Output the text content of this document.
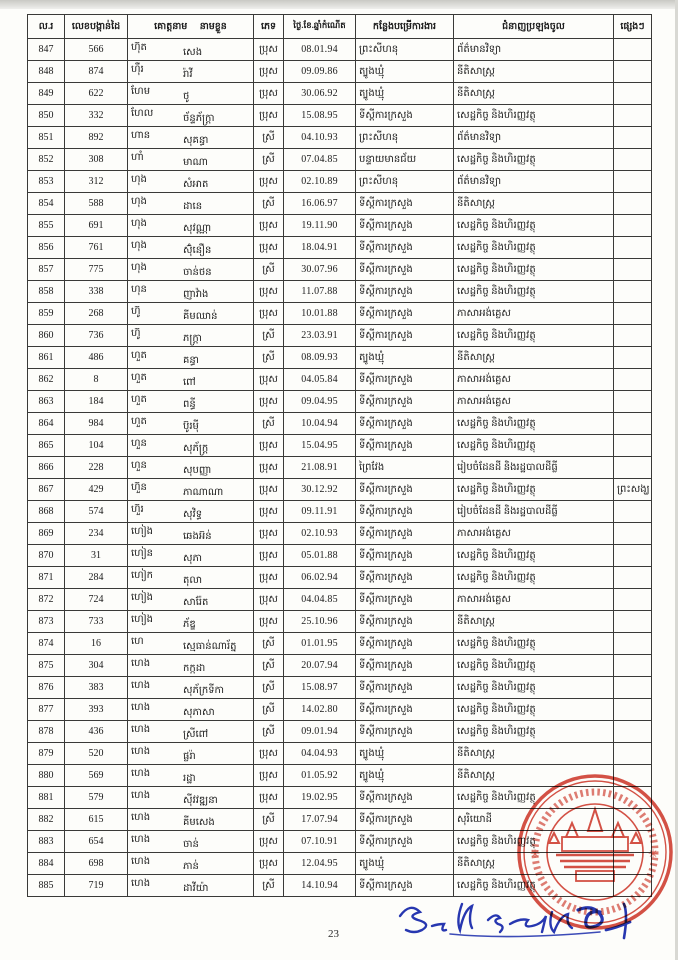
ល.រ	លេខបង្កាន់ដៃ	គោត្តនាម នាមខ្លួន	ភេទ	ថ្ងៃ.ខែ.ឆ្នាំកំណើត	កន្លែងបម្រើការងារ	ជំនាញប្រឡងចូល	ផ្សេងៗ
847	566	ហ៊ុត សេង	ប្រុស	08.01.94	ព្រះសីហនុ	ព័ត៌មានវិទ្យា	
848	874	ហ៊ឺរ រ៉ាវី	ប្រុស	09.09.86	ត្បូងឃ្មុំ	នីតិសាស្ត្រ	
849	622	ហែម ថូ	ប្រុស	30.06.92	ត្បូងឃ្មុំ	នីតិសាស្ត្រ	
850	332	ហែល ច័ន្ទភ័ក្រ្តា	ប្រុស	15.08.95	ទីស្តីការក្រសួង	សេដ្ឋកិច្ច និងហិរញ្ញវត្ថុ	
851	892	ហាន សុគន្ធា	ស្រី	04.10.93	ព្រះសីហនុ	ព័ត៌មានវិទ្យា	
852	308	ហាំ មាណា	ស្រី	07.04.85	បន្ទាយមានជ័យ	សេដ្ឋកិច្ច និងហិរញ្ញវត្ថុ	
853	312	ហុង សំអាត	ប្រុស	02.10.89	ព្រះសីហនុ	ព័ត៌មានវិទ្យា	
854	588	ហុង ដានេ	ស្រី	16.06.97	ទីស្តីការក្រសួង	នីតិសាស្ត្រ	
855	691	ហុង សុវណ្ណា	ប្រុស	19.11.90	ទីស្តីការក្រសួង	សេដ្ឋកិច្ច និងហិរញ្ញវត្ថុ	
856	761	ហុង ស៊ុំនឿន	ប្រុស	18.04.91	ទីស្តីការក្រសួង	សេដ្ឋកិច្ច និងហិរញ្ញវត្ថុ	
857	775	ហុង ចាន់ថន	ស្រី	30.07.96	ទីស្តីការក្រសួង	សេដ្ឋកិច្ច និងហិរញ្ញវត្ថុ	
858	338	ហុន ញាវ៉ាង	ប្រុស	11.07.88	ទីស្តីការក្រសួង	សេដ្ឋកិច្ច និងហិរញ្ញវត្ថុ	
859	268	ហ៊ូ គីមឈាន់	ប្រុស	10.01.88	ទីស្តីការក្រសួង	ភាសាអង់គ្លេស	
860	736	ហ៊ូ ភក្រ្តា	ស្រី	23.03.91	ទីស្តីការក្រសួង	សេដ្ឋកិច្ច និងហិរញ្ញវត្ថុ	
861	486	ហួត គន្ធា	ស្រី	08.09.93	ត្បូងឃ្មុំ	នីតិសាស្ត្រ	
862	8	ហួត ពៅ	ប្រុស	04.05.84	ទីស្តីការក្រសួង	ភាសាអង់គ្លេស	
863	184	ហួត ពន្ធី	ប្រុស	09.04.95	ទីស្តីការក្រសួង	ភាសាអង់គ្លេស	
864	984	ហួត ប៊ូរម៉ី	ស្រី	10.04.94	ទីស្តីការក្រសួង	សេដ្ឋកិច្ច និងហិរញ្ញវត្ថុ	
865	104	ហួន សុភ័ក្ត្រ	ប្រុស	15.04.95	ទីស្តីការក្រសួង	សេដ្ឋកិច្ច និងហិរញ្ញវត្ថុ	
866	228	ហួន សុបញ្ញា	ប្រុស	21.08.91	ព្រៃវែង	រៀបចំដែនដី និងរដ្ឋបាលដីធ្លី	
867	429	ហ៊ួន ភាណាណា	ប្រុស	30.12.92	ទីស្តីការក្រសួង	សេដ្ឋកិច្ច និងហិរញ្ញវត្ថុ	ព្រះសង្ឃ
868	574	ហ៊ួរ សុវិទ្ធ	ប្រុស	09.11.91	ទីស្តីការក្រសួង	រៀបចំដែនដី និងរដ្ឋបាលដីធ្លី	
869	234	ហៀង ឆេងអ៊ន់	ប្រុស	02.10.93	ទីស្តីការក្រសួង	ភាសាអង់គ្លេស	
870	31	ហៀន សុភា	ប្រុស	05.01.88	ទីស្តីការក្រសួង	សេដ្ឋកិច្ច និងហិរញ្ញវត្ថុ	
871	284	ហៀក តុលា	ប្រុស	06.02.94	ទីស្តីការក្រសួង	សេដ្ឋកិច្ច និងហិរញ្ញវត្ថុ	
872	724	ហៀង សារ៉ែត	ប្រុស	04.04.85	ទីស្តីការក្រសួង	ភាសាអង់គ្លេស	
873	733	ហៀង ភ័ឌ្ឌ	ប្រុស	25.10.96	ទីស្តីការក្រសួង	នីតិសាស្ត្រ	
874	16	ហេ ស្មេធាន់ណារ័ត្ន	ស្រី	01.01.95	ទីស្តីការក្រសួង	សេដ្ឋកិច្ច និងហិរញ្ញវត្ថុ	
875	304	ហេង កក្កដា	ស្រី	20.07.94	ទីស្តីការក្រសួង	សេដ្ឋកិច្ច និងហិរញ្ញវត្ថុ	
876	383	ហេង សុភ័ក្រទីកា	ស្រី	15.08.97	ទីស្តីការក្រសួង	សេដ្ឋកិច្ច និងហិរញ្ញវត្ថុ	
877	393	ហេង សុភាសា	ស្រី	14.02.80	ទីស្តីការក្រសួង	សេដ្ឋកិច្ច និងហិរញ្ញវត្ថុ	
878	436	ហេង ស្រីពៅ	ស្រី	09.01.94	ទីស្តីការក្រសួង	សេដ្ឋកិច្ច និងហិរញ្ញវត្ថុ	
879	520	ហេង ផ្លរ៉ា	ប្រុស	04.04.93	ត្បូងឃ្មុំ	នីតិសាស្ត្រ	
880	569	ហេង រដ្ឋា	ប្រុស	01.05.92	ត្បូងឃ្មុំ	នីតិសាស្ត្រ	
881	579	ហេង ស៊ីវវឌ្ឍនា	ប្រុស	19.02.95	ទីស្តីការក្រសួង	សេដ្ឋកិច្ច និងហិរញ្ញវត្ថុ	
882	615	ហេង គីមសេង	ស្រី	17.07.94	ទីស្តីការក្រសួង	សុរិយោដី	
883	654	ហេង ចាន់	ប្រុស	07.10.91	ទីស្តីការក្រសួង	សេដ្ឋកិច្ច និងហិរញ្ញវត្ថុ	
884	698	ហេង ភាន់	ប្រុស	12.04.95	ត្បូងឃ្មុំ	នីតិសាស្ត្រ	
885	719	ហេង ដាវីយ៉ា	ស្រី	14.10.94	ទីស្តីការក្រសួង	សេដ្ឋកិច្ច និងហិរញ្ញវត្ថុ	
✳	✳
23
